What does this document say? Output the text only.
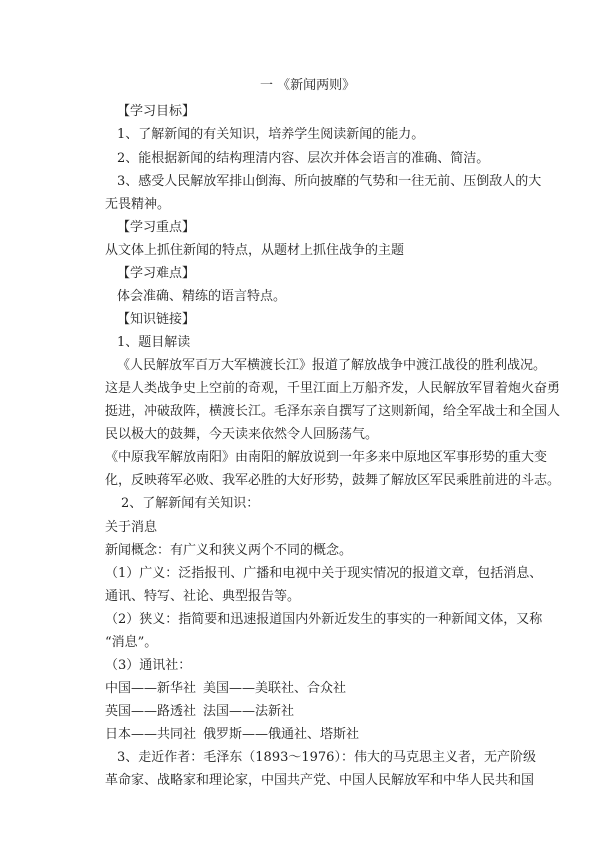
一 《新闻两则》
【学习目标】
1、了解新闻的有关知识，培养学生阅读新闻的能力。
2、能根据新闻的结构理清内容、层次并体会语言的准确、简洁。
3、感受人民解放军排山倒海、所向披靡的气势和一往无前、压倒敌人的大
无畏精神。
【学习重点】
从文体上抓住新闻的特点，从题材上抓住战争的主题
【学习难点】
体会准确、精练的语言特点。
【知识链接】
1、题目解读
《人民解放军百万大军横渡长江》报道了解放战争中渡江战役的胜利战况。
这是人类战争史上空前的奇观，千里江面上万船齐发，人民解放军冒着炮火奋勇
挺进，冲破敌阵，横渡长江。毛泽东亲自撰写了这则新闻，给全军战士和全国人
民以极大的鼓舞，今天读来依然令人回肠荡气。
《中原我军解放南阳》由南阳的解放说到一年多来中原地区军事形势的重大变
化，反映蒋军必败、我军必胜的大好形势，鼓舞了解放区军民乘胜前进的斗志。
2、了解新闻有关知识：
关于消息
新闻概念：有广义和狭义两个不同的概念。
（1）广义：泛指报刊、广播和电视中关于现实情况的报道文章，包括消息、
通讯、特写、社论、典型报告等。
（2）狭义：指简要和迅速报道国内外新近发生的事实的一种新闻文体，又称
“消息”。
（3）通讯社：
中国——新华社 美国——美联社、合众社
英国——路透社 法国——法新社
日本——共同社 俄罗斯——俄通社、塔斯社
3、走近作者：毛泽东（1893～1976）：伟大的马克思主义者，无产阶级
革命家、战略家和理论家，中国共产党、中国人民解放军和中华人民共和国
